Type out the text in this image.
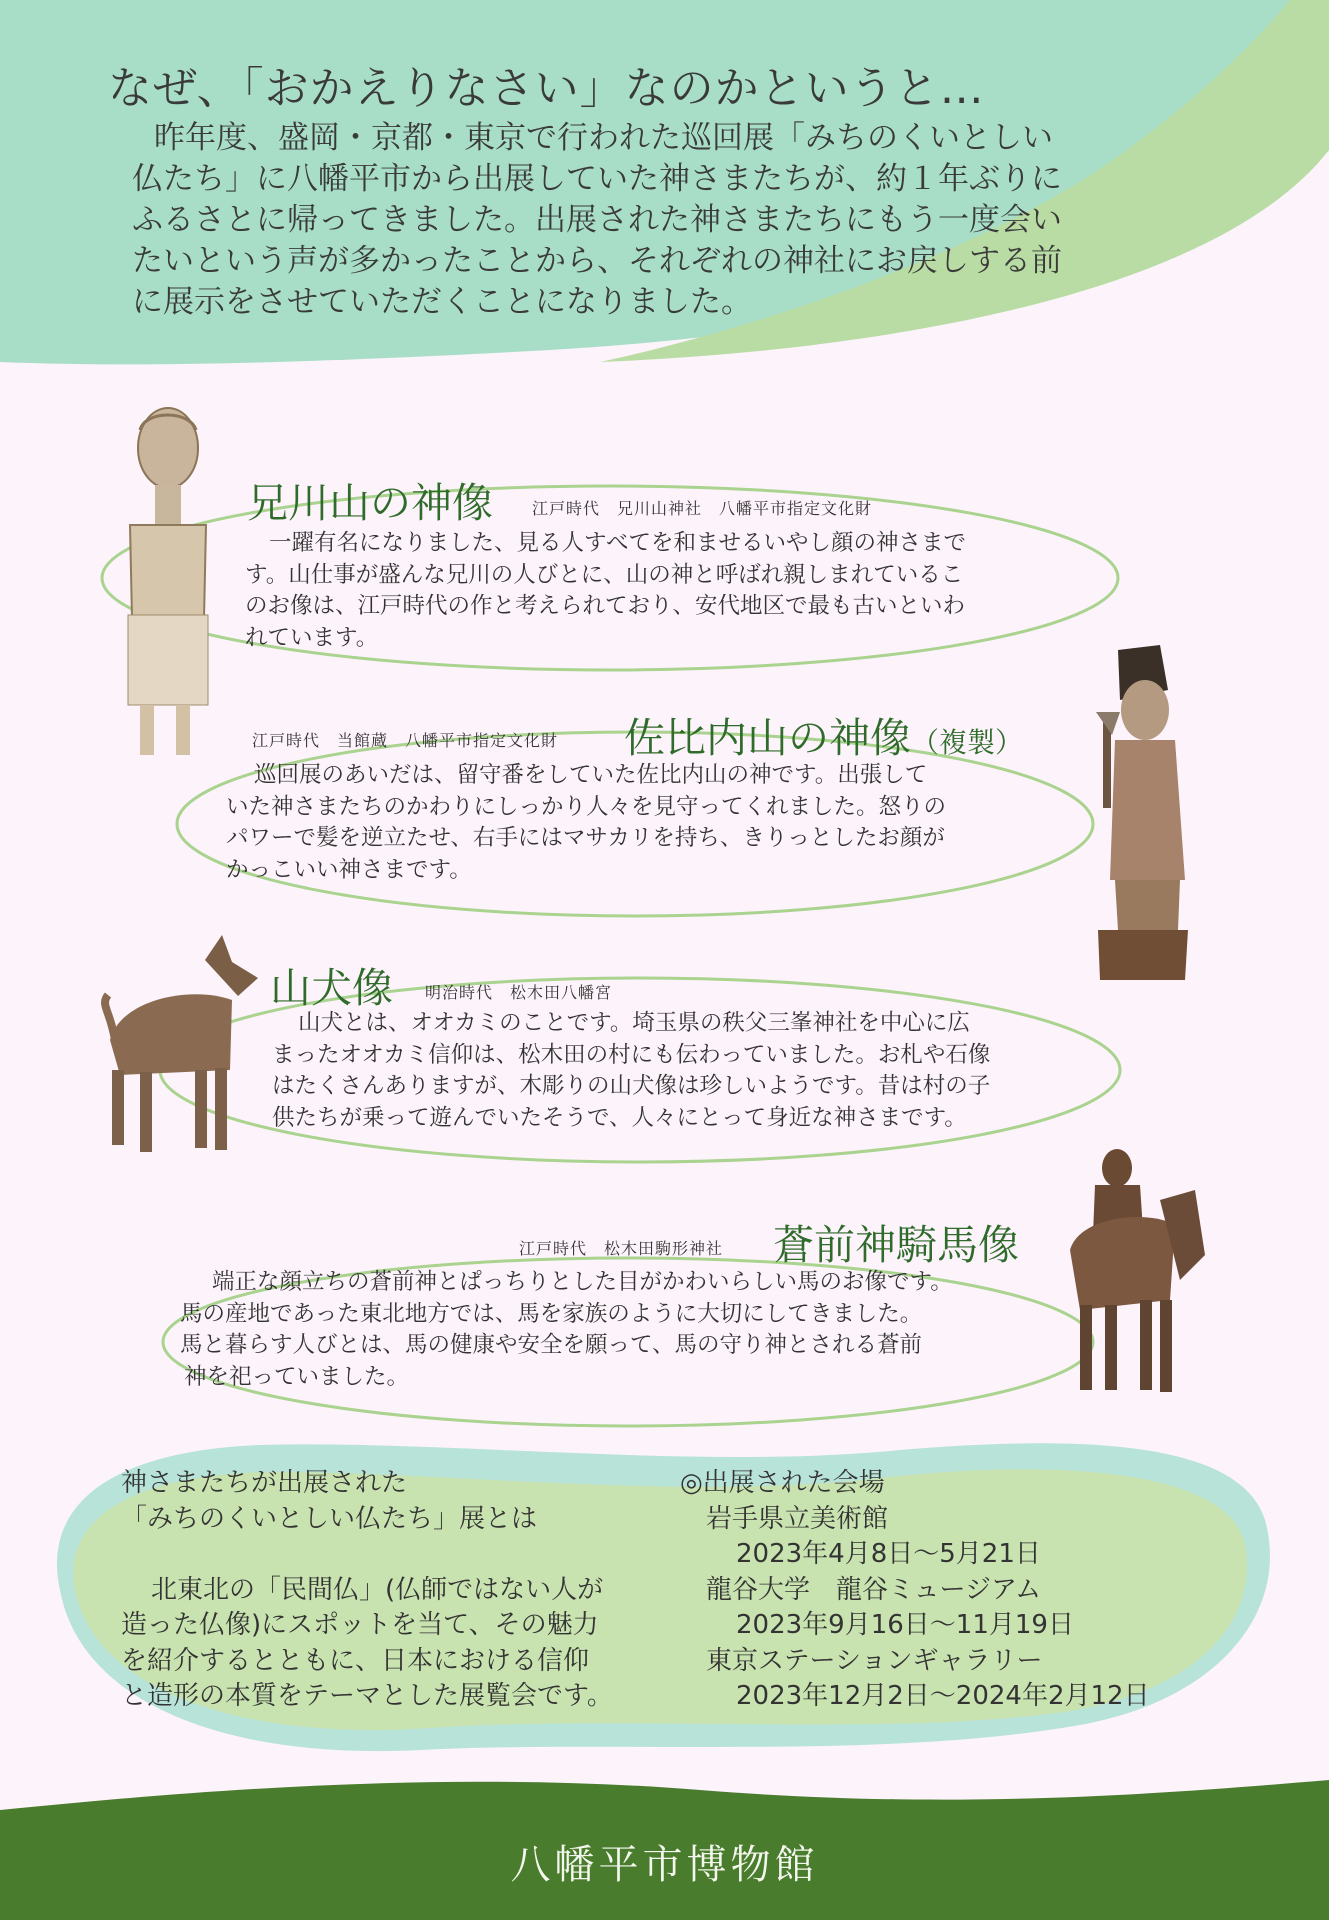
なぜ、「おかえりなさい」なのかというと…

昨年度、盛岡・京都・東京で行われた巡回展「みちのくいとしい

仏たち」に八幡平市から出展していた神さまたちが、約１年ぶりに

ふるさとに帰ってきました。出展された神さまたちにもう一度会い

たいという声が多かったことから、それぞれの神社にお戻しする前

に展示をさせていただくことになりました。

兄川山の神像 江戸時代　兄川山神社　八幡平市指定文化財

一躍有名になりました、見る人すべてを和ませるいやし顔の神さまで

す。山仕事が盛んな兄川の人びとに、山の神と呼ばれ親しまれているこ

のお像は、江戸時代の作と考えられており、安代地区で最も古いといわ

れています。

江戸時代　当館蔵　八幡平市指定文化財 佐比内山の神像（複製）

巡回展のあいだは、留守番をしていた佐比内山の神です。出張して

いた神さまたちのかわりにしっかり人々を見守ってくれました。怒りの

パワーで髪を逆立たせ、右手にはマサカリを持ち、きりっとしたお顔が

かっこいい神さまです。

山犬像 明治時代　松木田八幡宮

山犬とは、オオカミのことです。埼玉県の秩父三峯神社を中心に広

まったオオカミ信仰は、松木田の村にも伝わっていました。お札や石像

はたくさんありますが、木彫りの山犬像は珍しいようです。昔は村の子

供たちが乗って遊んでいたそうで、人々にとって身近な神さまです。

江戸時代　松木田駒形神社 蒼前神騎馬像

端正な顔立ちの蒼前神とぱっちりとした目がかわいらしい馬のお像です。

馬の産地であった東北地方では、馬を家族のように大切にしてきました。

馬と暮らす人びとは、馬の健康や安全を願って、馬の守り神とされる蒼前

神を祀っていました。

神さまたちが出展された

「みちのくいとしい仏たち」展とは

北東北の「民間仏」(仏師ではない人が

造った仏像)にスポットを当て、その魅力

を紹介するとともに、日本における信仰

と造形の本質をテーマとした展覧会です。

◎出展された会場

岩手県立美術館

2023年4月8日～5月21日

龍谷大学　龍谷ミュージアム

2023年9月16日～11月19日

東京ステーションギャラリー

2023年12月2日～2024年2月12日

八幡平市博物館
